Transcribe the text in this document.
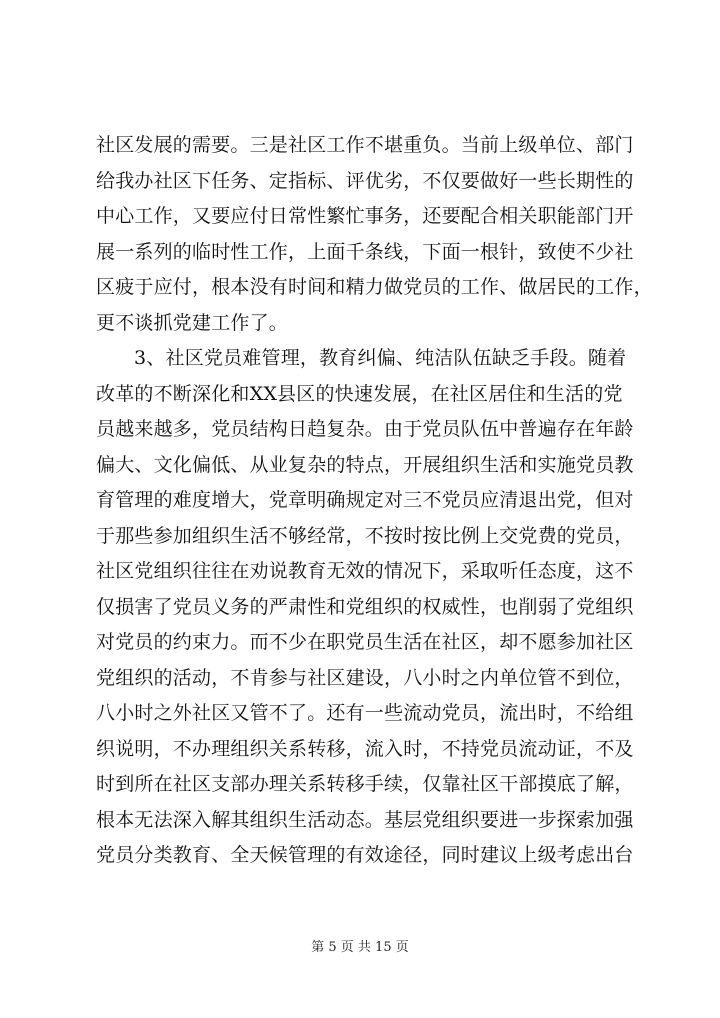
社区发展的需要。三是社区工作不堪重负。当前上级单位、部门
给我办社区下任务、定指标、评优劣，不仅要做好一些长期性的
中心工作，又要应付日常性繁忙事务，还要配合相关职能部门开
展一系列的临时性工作，上面千条线，下面一根针，致使不少社
区疲于应付，根本没有时间和精力做党员的工作、做居民的工作，
更不谈抓党建工作了。
3、社区党员难管理，教育纠偏、纯洁队伍缺乏手段。随着
改革的不断深化和XX县区的快速发展，在社区居住和生活的党
员越来越多，党员结构日趋复杂。由于党员队伍中普遍存在年龄
偏大、文化偏低、从业复杂的特点，开展组织生活和实施党员教
育管理的难度增大，党章明确规定对三不党员应清退出党，但对
于那些参加组织生活不够经常，不按时按比例上交党费的党员，
社区党组织往往在劝说教育无效的情况下，采取听任态度，这不
仅损害了党员义务的严肃性和党组织的权威性，也削弱了党组织
对党员的约束力。而不少在职党员生活在社区，却不愿参加社区
党组织的活动，不肯参与社区建设，八小时之内单位管不到位，
八小时之外社区又管不了。还有一些流动党员，流出时，不给组
织说明，不办理组织关系转移，流入时，不持党员流动证，不及
时到所在社区支部办理关系转移手续，仅靠社区干部摸底了解，
根本无法深入解其组织生活动态。基层党组织要进一步探索加强
党员分类教育、全天候管理的有效途径，同时建议上级考虑出台
第 5 页 共 15 页
